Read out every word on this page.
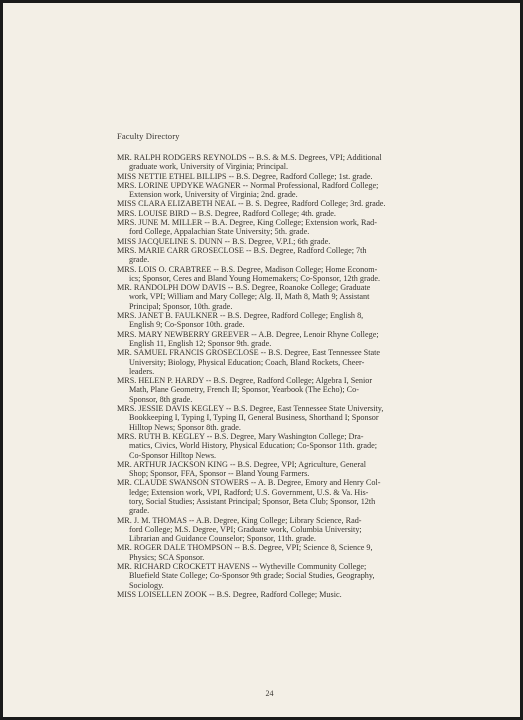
Faculty Directory
MR. RALPH RODGERS REYNOLDS -- B.S. & M.S. Degrees, VPI; Additional
graduate work, University of Virginia; Principal.
MISS NETTIE ETHEL BILLIPS -- B.S. Degree, Radford College; 1st. grade.
MRS. LORINE UPDYKE WAGNER -- Normal Professional, Radford College;
Extension work, University of Virginia; 2nd. grade.
MISS CLARA ELIZABETH NEAL -- B. S. Degree, Radford College; 3rd. grade.
MRS. LOUISE BIRD -- B.S. Degree, Radford College; 4th. grade.
MRS. JUNE M. MILLER -- B.A. Degree, King College; Extension work, Rad-
ford College, Appalachian State University; 5th. grade.
MISS JACQUELINE S. DUNN -- B.S. Degree, V.P.I.; 6th grade.
MRS. MARIE CARR GROSECLOSE -- B.S. Degree, Radford College; 7th
grade.
MRS. LOIS O. CRABTREE -- B.S. Degree, Madison College; Home Econom-
ics; Sponsor, Ceres and Bland Young Homemakers; Co-Sponsor, 12th grade.
MR. RANDOLPH DOW DAVIS -- B.S. Degree, Roanoke College; Graduate
work, VPI; William and Mary College; Alg. II, Math 8, Math 9; Assistant
Principal; Sponsor, 10th. grade.
MRS. JANET B. FAULKNER -- B.S. Degree, Radford College; English 8,
English 9; Co-Sponsor 10th. grade.
MRS. MARY NEWBERRY GREEVER -- A.B. Degree, Lenoir Rhyne College;
English 11, English 12; Sponsor 9th. grade.
MR. SAMUEL FRANCIS GROSECLOSE -- B.S. Degree, East Tennessee State
University; Biology, Physical Education; Coach, Bland Rockets, Cheer-
leaders.
MRS. HELEN P. HARDY -- B.S. Degree, Radford College; Algebra I, Senior
Math, Plane Geometry, French II; Sponsor, Yearbook (The Echo); Co-
Sponsor, 8th grade.
MRS. JESSIE DAVIS KEGLEY -- B.S. Degree, East Tennessee State University,
Bookkeeping I, Typing I, Typing II, General Business, Shorthand I; Sponsor
Hilltop News; Sponsor 8th. grade.
MRS. RUTH B. KEGLEY -- B.S. Degree, Mary Washington College; Dra-
matics, Civics, World History, Physical Education; Co-Sponsor 11th. grade;
Co-Sponsor Hilltop News.
MR. ARTHUR JACKSON KING -- B.S. Degree, VPI; Agriculture, General
Shop; Sponsor, FFA, Sponsor -- Bland Young Farmers.
MR. CLAUDE SWANSON STOWERS -- A. B. Degree, Emory and Henry Col-
ledge; Extension work, VPI, Radford; U.S. Government, U.S. & Va. His-
tory, Social Studies; Assistant Principal; Sponsor, Beta Club; Sponsor, 12th
grade.
MR. J. M. THOMAS -- A.B. Degree, King College; Library Science, Rad-
ford College; M.S. Degree, VPI; Graduate work, Columbia University;
Librarian and Guidance Counselor; Sponsor, 11th. grade.
MR. ROGER DALE THOMPSON -- B.S. Degree, VPI; Science 8, Science 9,
Physics; SCA Sponsor.
MR. RICHARD CROCKETT HAVENS -- Wytheville Community College;
Bluefield State College; Co-Sponsor 9th grade; Social Studies, Geography,
Sociology.
MISS LOISELLEN ZOOK -- B.S. Degree, Radford College; Music.
24
